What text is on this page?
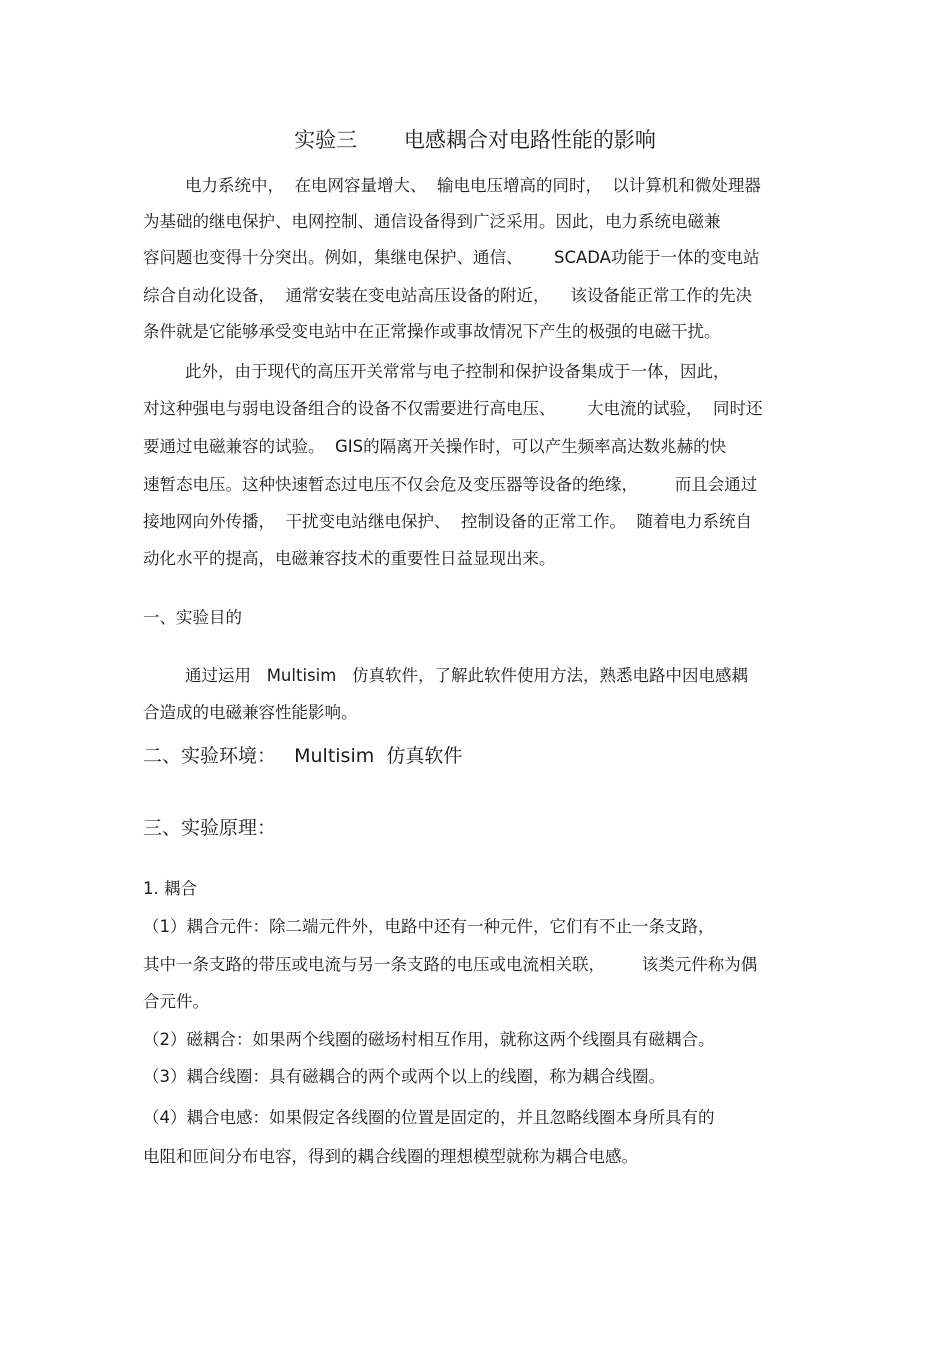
实验三       电感耦合对电路性能的影响
电力系统中，  在电网容量增大、  输电电压增高的同时，  以计算机和微处理器
为基础的继电保护、电网控制、通信设备得到广泛采用。因此，电力系统电磁兼
容问题也变得十分突出。例如，集继电保护、通信、      SCADA功能于一体的变电站
综合自动化设备，  通常安装在变电站高压设备的附近，    该设备能正常工作的先决
条件就是它能够承受变电站中在正常操作或事故情况下产生的极强的电磁干扰。
此外，由于现代的高压开关常常与电子控制和保护设备集成于一体，因此，
对这种强电与弱电设备组合的设备不仅需要进行高电压、      大电流的试验，  同时还
要通过电磁兼容的试验。  GIS的隔离开关操作时，可以产生频率高达数兆赫的快
速暂态电压。这种快速暂态过电压不仅会危及变压器等设备的绝缘，       而且会通过
接地网向外传播，  干扰变电站继电保护、  控制设备的正常工作。  随着电力系统自
动化水平的提高，电磁兼容技术的重要性日益显现出来。
一、实验目的
通过运用   Multisim   仿真软件，了解此软件使用方法，熟悉电路中因电感耦
合造成的电磁兼容性能影响。
二、实验环境：   Multisim  仿真软件
三、实验原理：
1. 耦合
（1）耦合元件：除二端元件外，电路中还有一种元件，它们有不止一条支路，
其中一条支路的带压或电流与另一条支路的电压或电流相关联，       该类元件称为偶
合元件。
（2）磁耦合：如果两个线圈的磁场村相互作用，就称这两个线圈具有磁耦合。
（3）耦合线圈：具有磁耦合的两个或两个以上的线圈，称为耦合线圈。
（4）耦合电感：如果假定各线圈的位置是固定的，并且忽略线圈本身所具有的
电阻和匝间分布电容，得到的耦合线圈的理想模型就称为耦合电感。
